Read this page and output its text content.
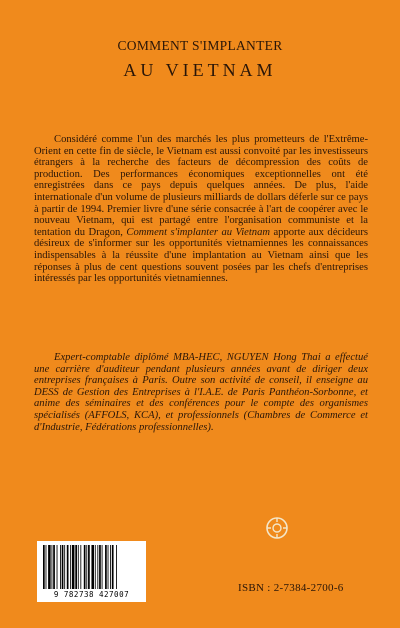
COMMENT S'IMPLANTER
AU VIETNAM

Considéré comme l'un des marchés les plus prometteurs de l'Extrême-Orient en cette fin de siècle, le Vietnam est aussi convoité par les investisseurs étrangers à la recherche des facteurs de décompression des coûts de production. Des performances économiques exceptionnelles ont été enregistrées dans ce pays depuis quelques années. De plus, l'aide internationale d'un volume de plusieurs milliards de dollars déferle sur ce pays à partir de 1994. Premier livre d'une série consacrée à l'art de coopérer avec le nouveau Vietnam, qui est partagé entre l'organisation communiste et la tentation du Dragon, Comment s'implanter au Vietnam apporte aux décideurs désireux de s'informer sur les opportunités vietnamiennes les connaissances indispensables à la réussite d'une implantation au Vietnam ainsi que les réponses à plus de cent questions souvent posées par les chefs d'entreprises intéressés par les opportunités vietnamiennes.

Expert-comptable diplômé MBA-HEC, NGUYEN Hong Thai a effectué une carrière d'auditeur pendant plusieurs années avant de diriger deux entreprises françaises à Paris. Outre son activité de conseil, il enseigne au DESS de Gestion des Entreprises à l'I.A.E. de Paris Panthéon-Sorbonne, et anime des séminaires et des conférences pour le compte des organismes spécialisés (AFFOLS, KCA), et professionnels (Chambres de Commerce et d'Industrie, Fédérations professionnelles).

9 782738 427007
ISBN : 2-7384-2700-6
